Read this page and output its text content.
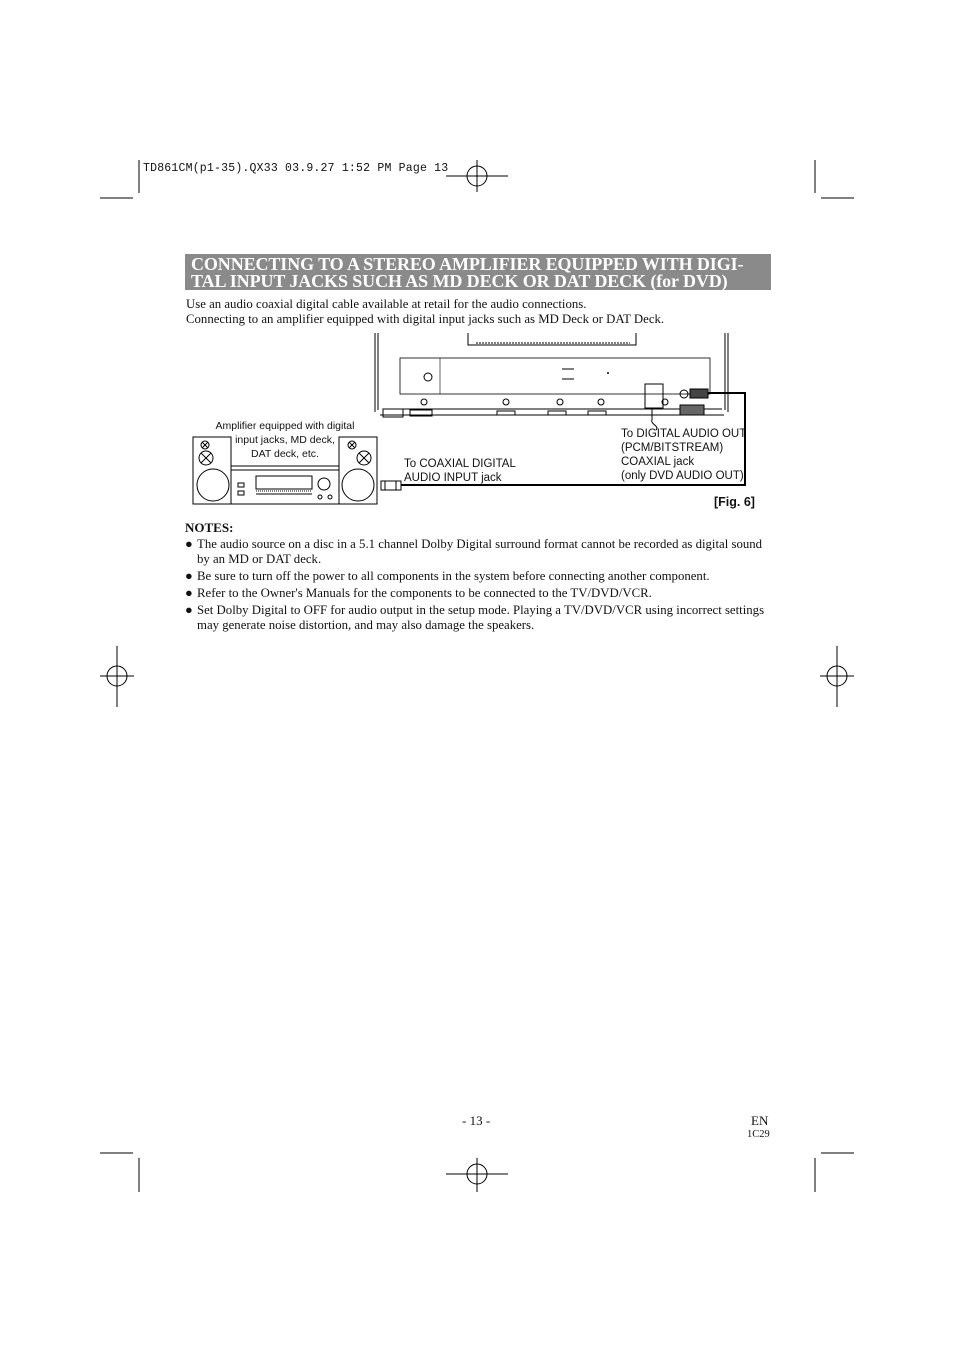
TD861CM(p1-35).QX33 03.9.27 1:52 PM Page 13
CONNECTING TO A STEREO AMPLIFIER EQUIPPED WITH DIGI-
TAL INPUT JACKS SUCH AS MD DECK OR DAT DECK (for DVD)
Use an audio coaxial digital cable available at retail for the audio connections.
Connecting to an amplifier equipped with digital input jacks such as MD Deck or DAT Deck.
Amplifier equipped with digital
input jacks, MD deck,
DAT deck, etc.
To COAXIAL DIGITAL
AUDIO INPUT jack
To DIGITAL AUDIO OUT
(PCM/BITSTREAM)
COAXIAL jack
(only DVD AUDIO OUT)
[Fig. 6]
NOTES:
● The audio source on a disc in a 5.1 channel Dolby Digital surround format cannot be recorded as digital sound by an MD or DAT deck.
● Be sure to turn off the power to all components in the system before connecting another component.
● Refer to the Owner's Manuals for the components to be connected to the TV/DVD/VCR.
● Set Dolby Digital to OFF for audio output in the setup mode. Playing a TV/DVD/VCR using incorrect settings may generate noise distortion, and may also damage the speakers.
- 13 -	EN
1C29
